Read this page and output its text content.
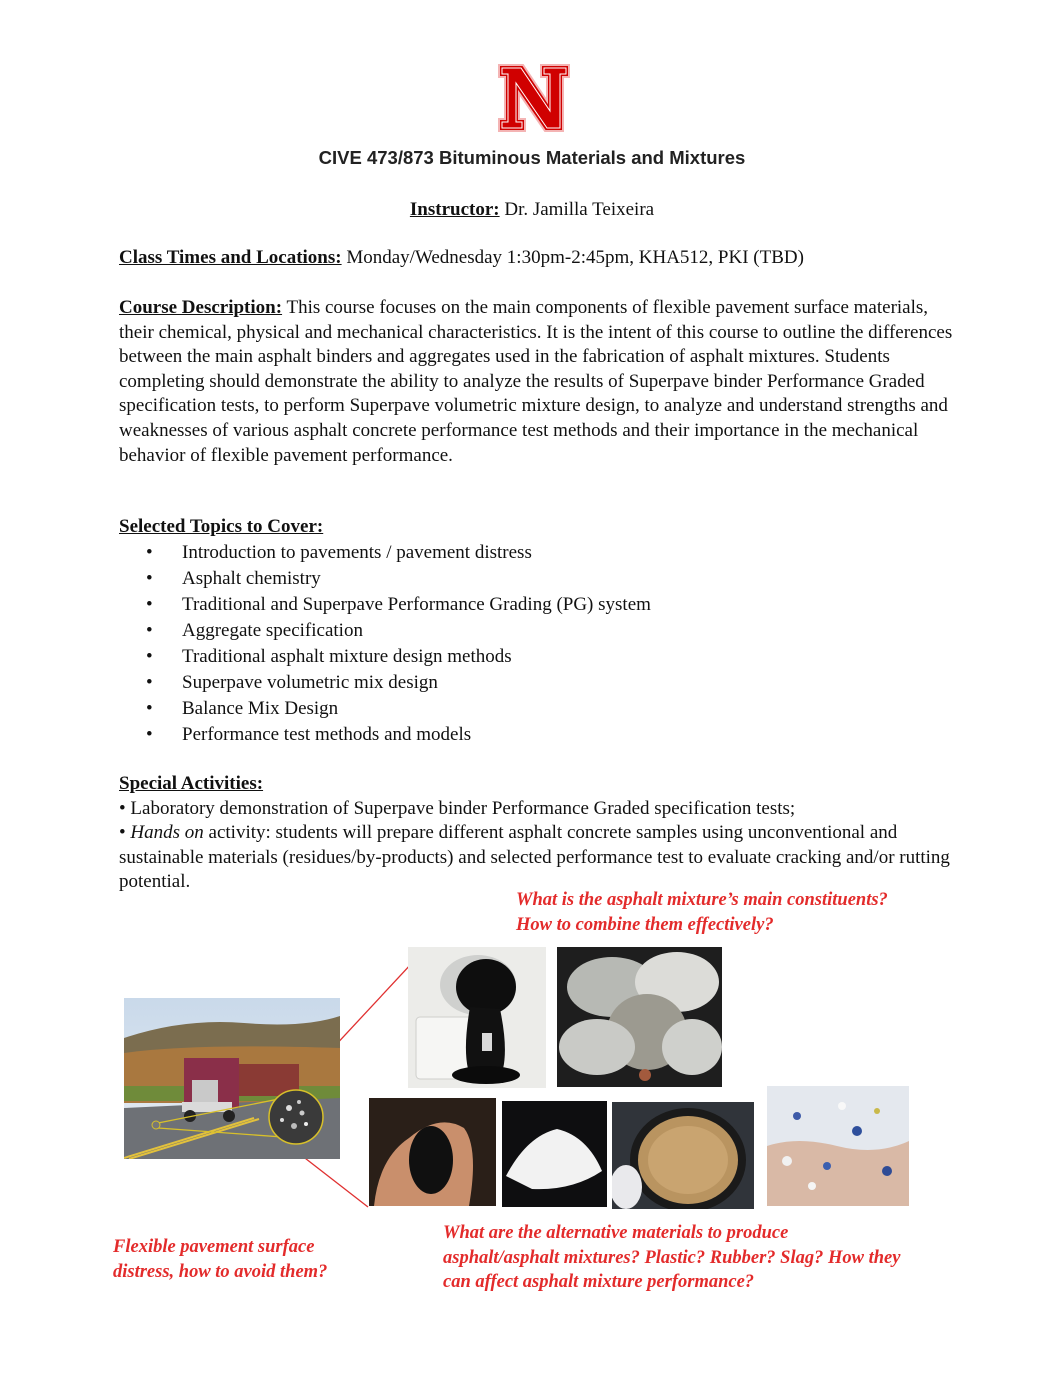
CIVE 473/873 Bituminous Materials and Mixtures
Instructor: Dr. Jamilla Teixeira
Class Times and Locations: Monday/Wednesday 1:30pm-2:45pm, KHA512, PKI (TBD)
Course Description: This course focuses on the main components of flexible pavement surface materials, their chemical, physical and mechanical characteristics. It is the intent of this course to outline the differences between the main asphalt binders and aggregates used in the fabrication of asphalt mixtures. Students completing should demonstrate the ability to analyze the results of Superpave binder Performance Graded specification tests, to perform Superpave volumetric mixture design, to analyze and understand strengths and weaknesses of various asphalt concrete performance test methods and their importance in the mechanical behavior of flexible pavement performance.
Selected Topics to Cover:
• Introduction to pavements / pavement distress
• Asphalt chemistry
• Traditional and Superpave Performance Grading (PG) system
• Aggregate specification
• Traditional asphalt mixture design methods
• Superpave volumetric mix design
• Balance Mix Design
• Performance test methods and models
Special Activities:
• Laboratory demonstration of Superpave binder Performance Graded specification tests;
• Hands on activity: students will prepare different asphalt concrete samples using unconventional and sustainable materials (residues/by-products) and selected performance test to evaluate cracking and/or rutting potential.
What is the asphalt mixture’s main constituents?
How to combine them effectively?
Flexible pavement surface
distress, how to avoid them?
What are the alternative materials to produce
asphalt/asphalt mixtures? Plastic? Rubber? Slag? How they
can affect asphalt mixture performance?
